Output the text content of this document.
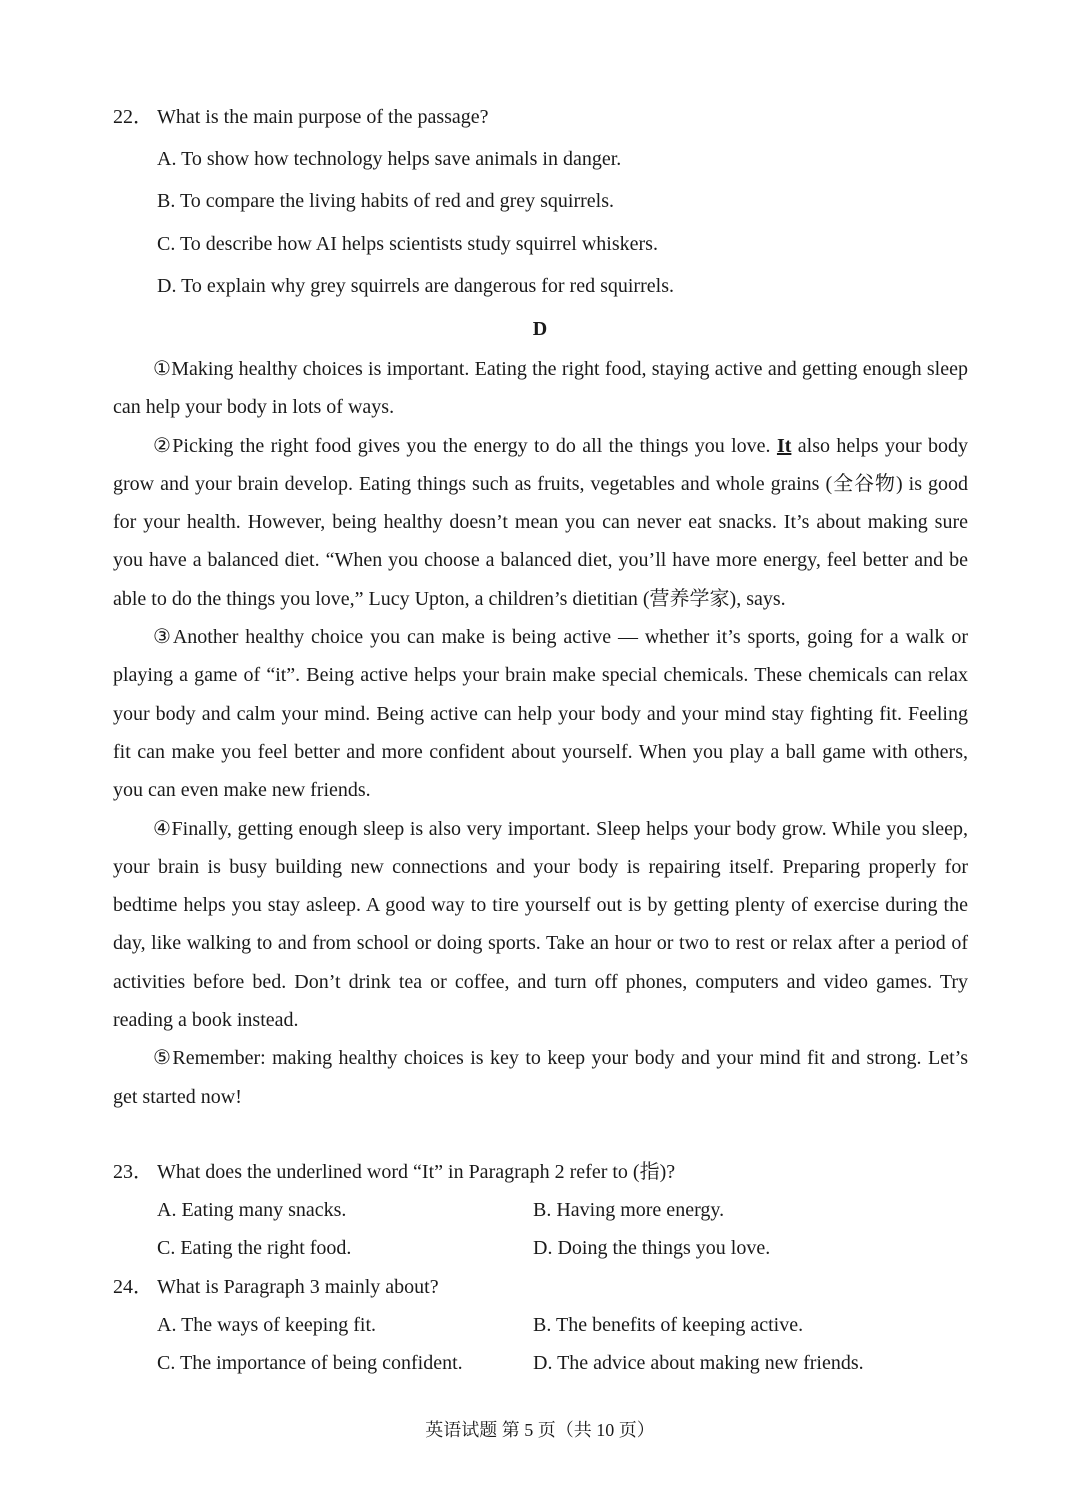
22． What is the main purpose of the passage?
A. To show how technology helps save animals in danger.
B. To compare the living habits of red and grey squirrels.
C. To describe how AI helps scientists study squirrel whiskers.
D. To explain why grey squirrels are dangerous for red squirrels.
D

①Making healthy choices is important. Eating the right food, staying active and getting enough sleep can help your body in lots of ways.

②Picking the right food gives you the energy to do all the things you love. It also helps your body grow and your brain develop. Eating things such as fruits, vegetables and whole grains (全谷物) is good for your health. However, being healthy doesn’t mean you can never eat snacks. It’s about making sure you have a balanced diet. “When you choose a balanced diet, you’ll have more energy, feel better and be able to do the things you love,” Lucy Upton, a children’s dietitian (营养学家), says.

③Another healthy choice you can make is being active — whether it’s sports, going for a walk or playing a game of “it”. Being active helps your brain make special chemicals. These chemicals can relax your body and calm your mind. Being active can help your body and your mind stay fighting fit. Feeling fit can make you feel better and more confident about yourself. When you play a ball game with others, you can even make new friends.

④Finally, getting enough sleep is also very important. Sleep helps your body grow. While you sleep, your brain is busy building new connections and your body is repairing itself. Preparing properly for bedtime helps you stay asleep. A good way to tire yourself out is by getting plenty of exercise during the day, like walking to and from school or doing sports. Take an hour or two to rest or relax after a period of activities before bed. Don’t drink tea or coffee, and turn off phones, computers and video games. Try reading a book instead.

⑤Remember: making healthy choices is key to keep your body and your mind fit and strong. Let’s get started now!

23． What does the underlined word “It” in Paragraph 2 refer to (指)?
A. Eating many snacks.	B. Having more energy.
C. Eating the right food.	D. Doing the things you love.
24． What is Paragraph 3 mainly about?
A. The ways of keeping fit.	B. The benefits of keeping active.
C. The importance of being confident.	D. The advice about making new friends.
英语试题 第 5 页（共 10 页）
